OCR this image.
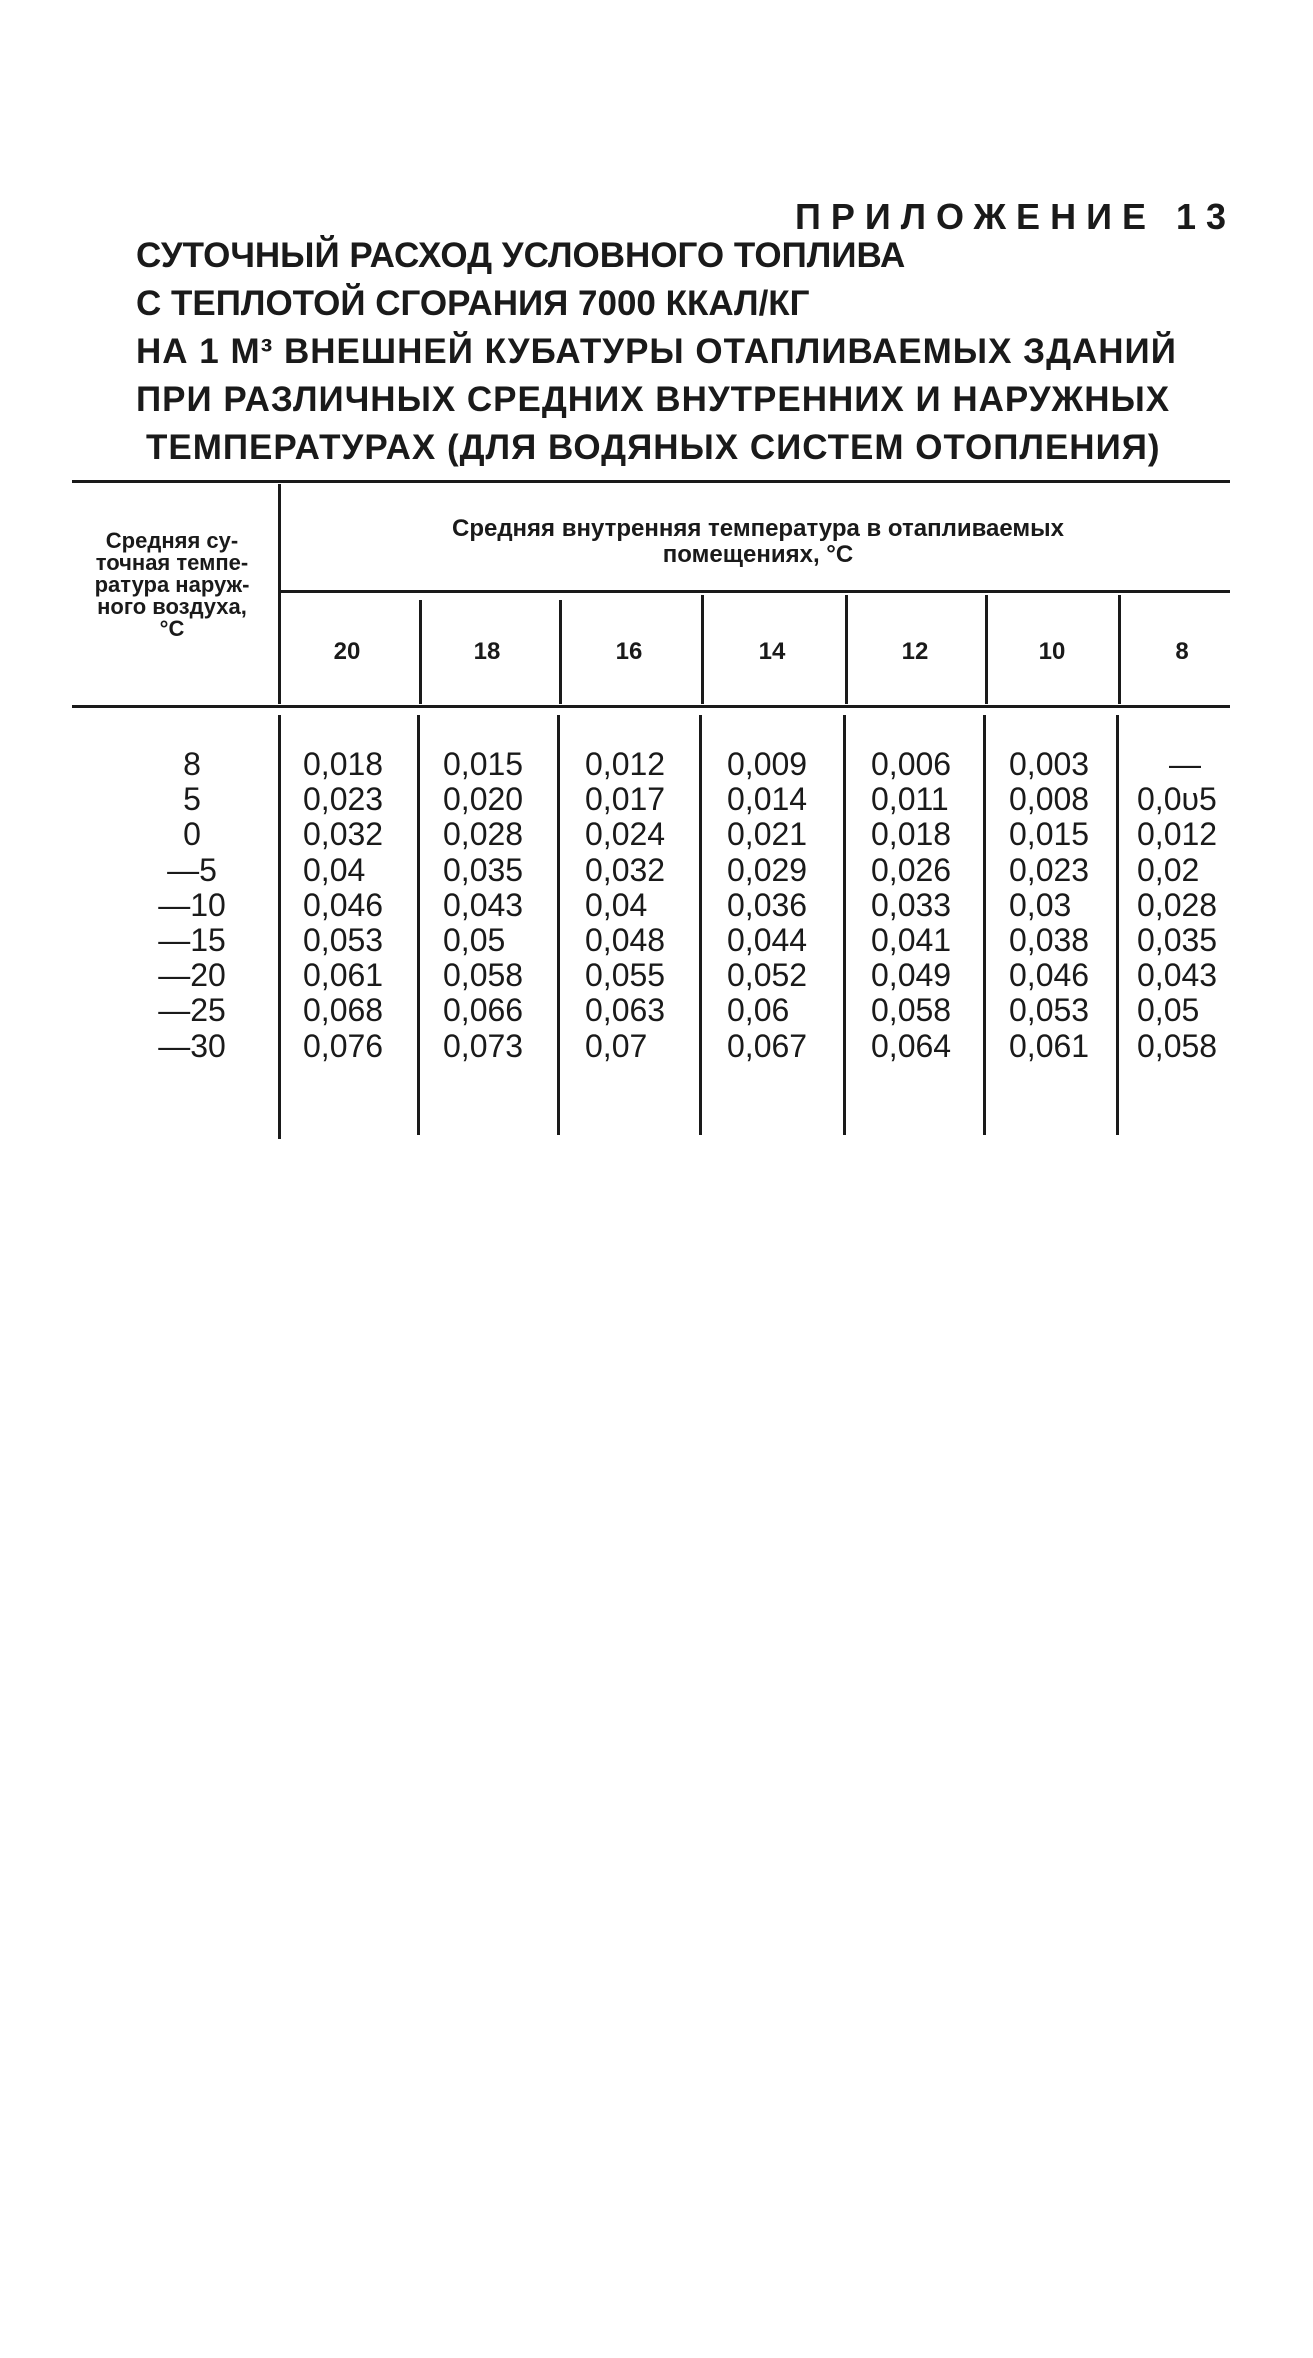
ПРИЛОЖЕНИЕ 13
СУТОЧНЫЙ РАСХОД УСЛОВНОГО ТОПЛИВА
С ТЕПЛОТОЙ СГОРАНИЯ 7000 ККАЛ/КГ
НА 1 М³ ВНЕШНЕЙ КУБАТУРЫ ОТАПЛИВАЕМЫХ ЗДАНИЙ
ПРИ РАЗЛИЧНЫХ СРЕДНИХ ВНУТРЕННИХ И НАРУЖНЫХ
ТЕМПЕРАТУРАХ (ДЛЯ ВОДЯНЫХ СИСТЕМ ОТОПЛЕНИЯ)
Средняя су-
точная темпе-
ратура наруж-
ного воздуха,
°С
Средняя внутренняя температура в отапливаемых
помещениях, °С
20	18	16	14	12	10	8
8	0,018 0,015 0,012 0,009 0,006 0,003 —
5	0,023 0,020 0,017 0,014 0,011 0,008 0,0υ5
0	0,032 0,028 0,024 0,021 0,018 0,015 0,012
—5	0,04 0,035 0,032 0,029 0,026 0,023 0,02
—10	0,046 0,043 0,04 0,036 0,033 0,03 0,028
—15	0,053 0,05 0,048 0,044 0,041 0,038 0,035
—20	0,061 0,058 0,055 0,052 0,049 0,046 0,043
—25	0,068 0,066 0,063 0,06	0,058 0,053 0,05
—30	0,076 0,073 0,07 0,067 0,064 0,061 0,058
